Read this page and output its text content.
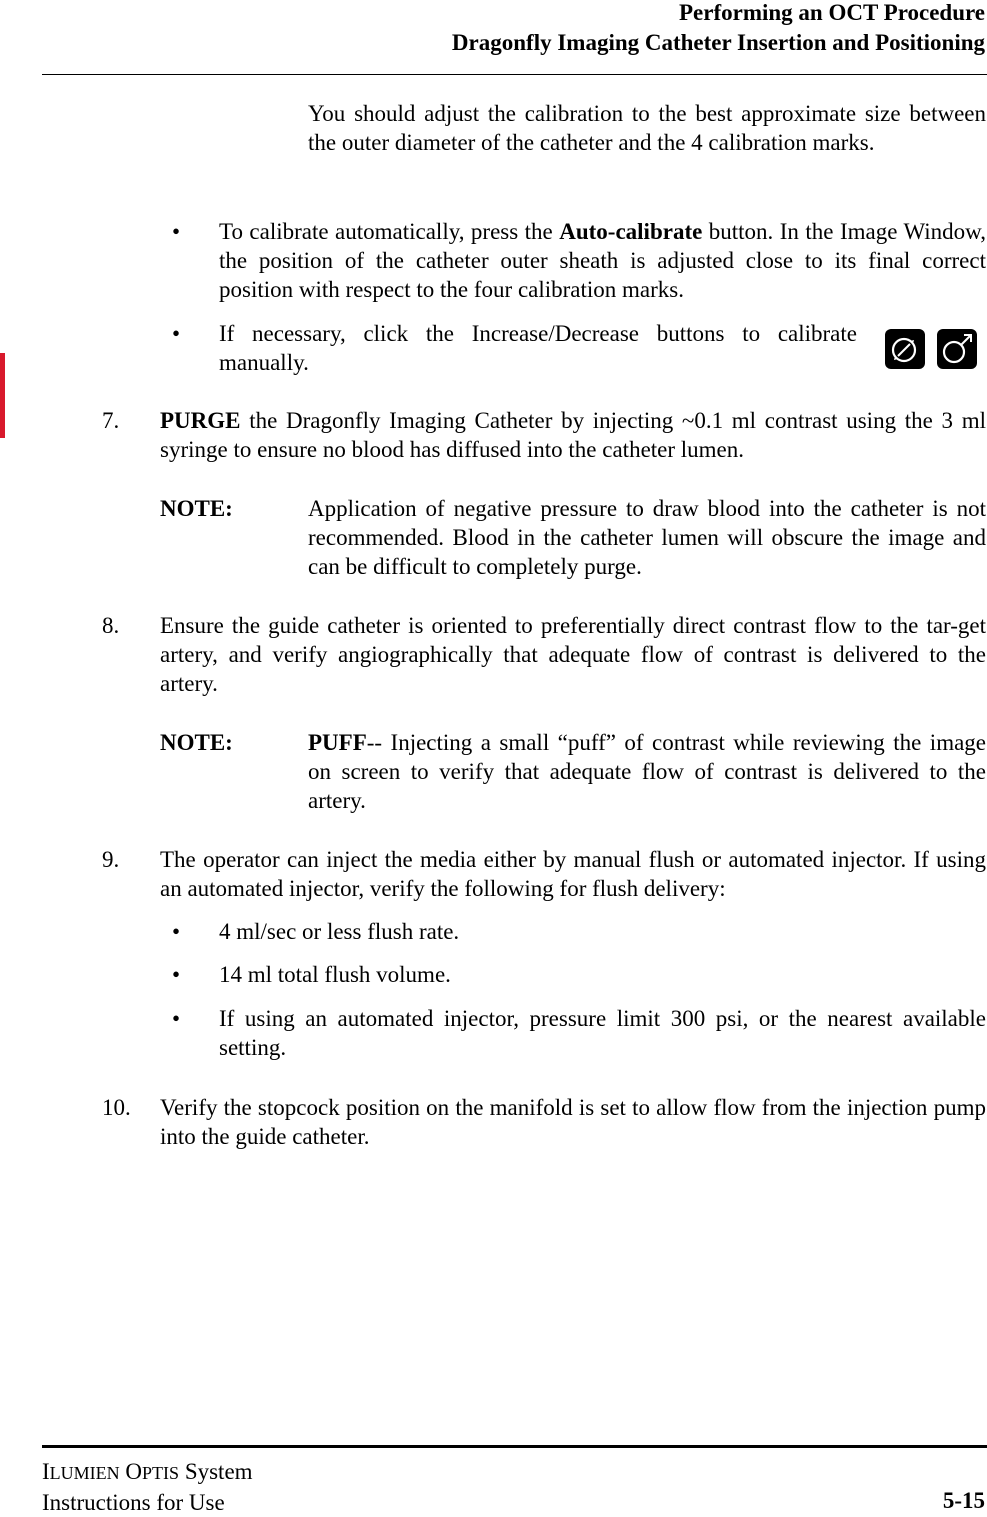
Performing an OCT Procedure
Dragonfly Imaging Catheter Insertion and Positioning
You should adjust the calibration to the best approximate size between the outer diameter of the catheter and the 4 calibration marks.
• To calibrate automatically, press the Auto-calibrate button. In the Image Window, the position of the catheter outer sheath is adjusted close to its final correct position with respect to the four calibration marks.
• If necessary, click the Increase/Decrease buttons to calibrate manually.
7. PURGE the Dragonfly Imaging Catheter by injecting ~0.1 ml contrast using the 3 ml syringe to ensure no blood has diffused into the catheter lumen.
NOTE:	Application of negative pressure to draw blood into the catheter is not recommended. Blood in the catheter lumen will obscure the image and can be difficult to completely purge.
8. Ensure the guide catheter is oriented to preferentially direct contrast flow to the tar-get artery, and verify angiographically that adequate flow of contrast is delivered to the artery.
NOTE:	PUFF-- Injecting a small “puff” of contrast while reviewing the image on screen to verify that adequate flow of contrast is delivered to the artery.
9. The operator can inject the media either by manual flush or automated injector. If using an automated injector, verify the following for flush delivery:
• 4 ml/sec or less flush rate.
• 14 ml total flush volume.
• If using an automated injector, pressure limit 300 psi, or the nearest available setting.
10. Verify the stopcock position on the manifold is set to allow flow from the injection pump into the guide catheter.
ILUMIEN OPTIS System
Instructions for Use	5-15
